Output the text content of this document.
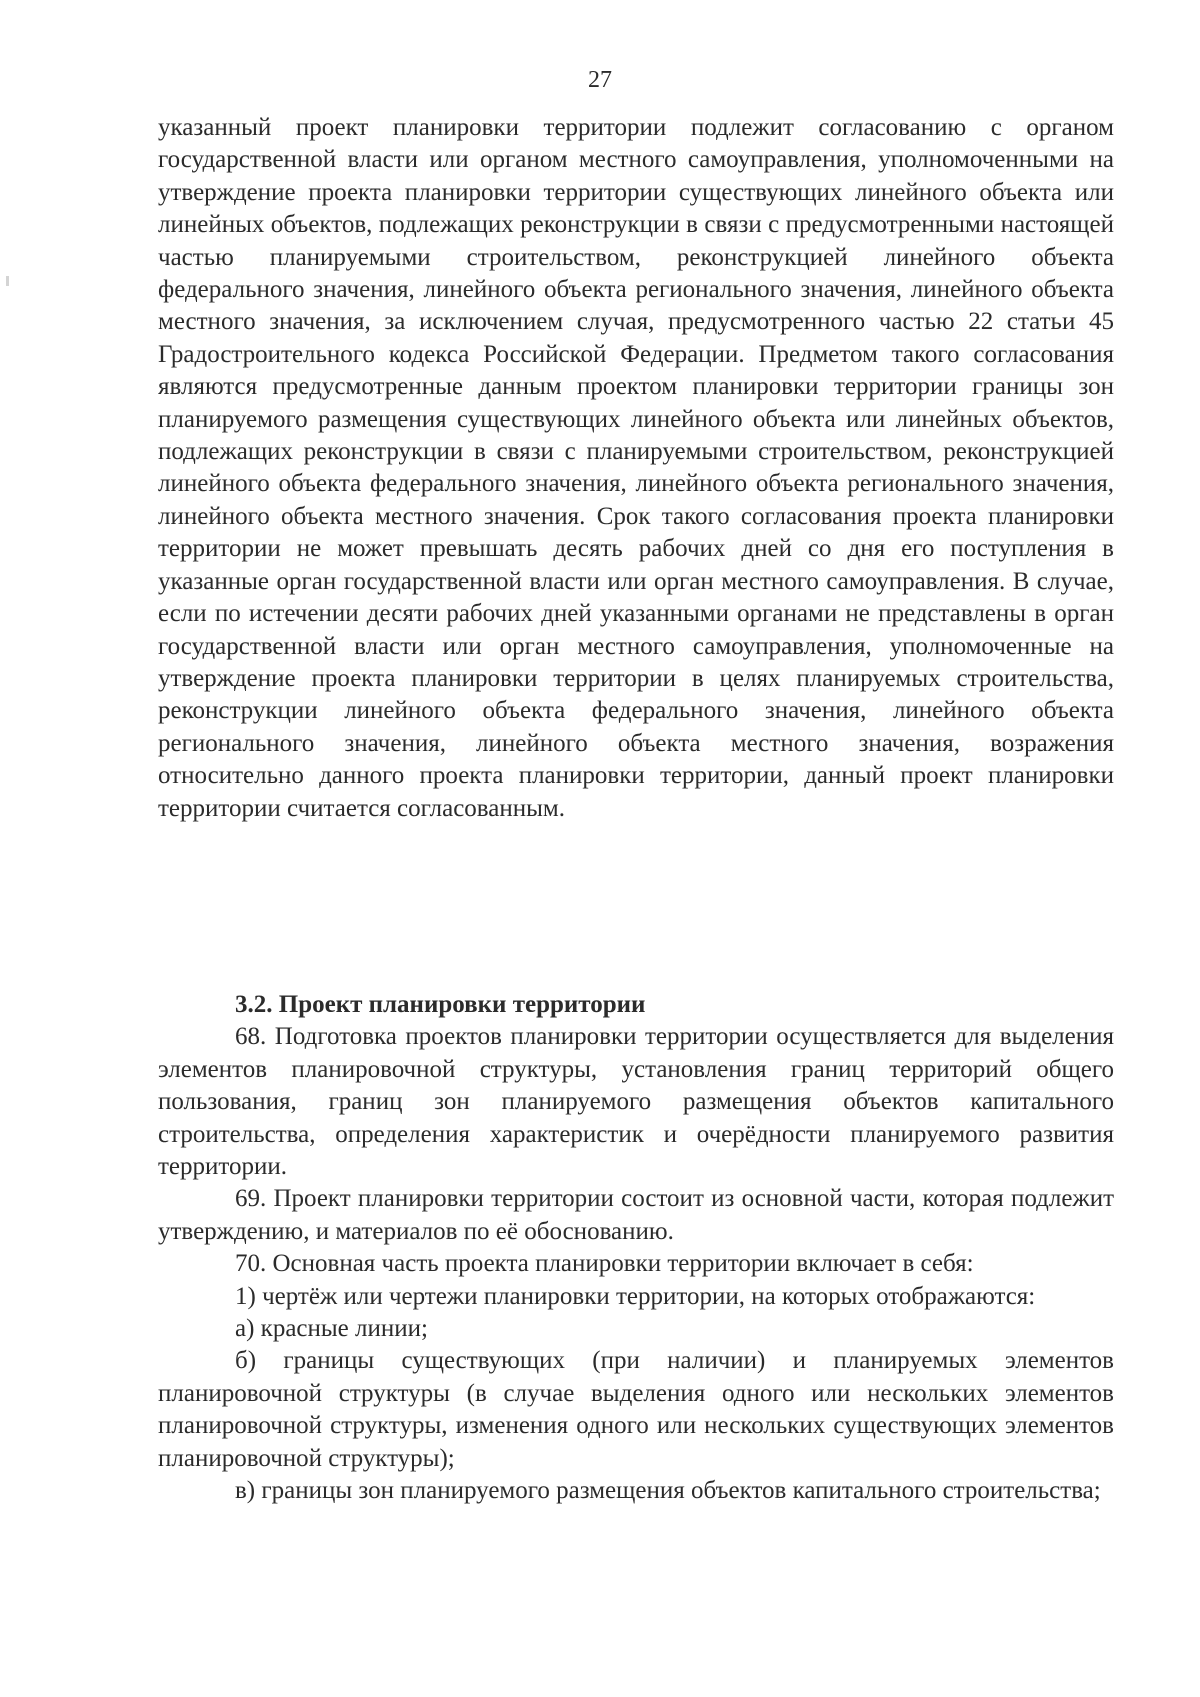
27

указанный проект планировки территории подлежит согласованию с органом государственной власти или органом местного самоуправления, уполномоченными на утверждение проекта планировки территории существующих линейного объекта или линейных объектов, подлежащих реконструкции в связи с предусмотренными настоящей частью планируемыми строительством, реконструкцией линейного объекта федерального значения, линейного объекта регионального значения, линейного объекта местного значения, за исключением случая, предусмотренного частью 22 статьи 45 Градостроительного кодекса Российской Федерации. Предметом такого согласования являются предусмотренные данным проектом планировки территории границы зон планируемого размещения существующих линейного объекта или линейных объектов, подлежащих реконструкции в связи с планируемыми строительством, реконструкцией линейного объекта федерального значения, линейного объекта регионального значения, линейного объекта местного значения. Срок такого согласования проекта планировки территории не может превышать десять рабочих дней со дня его поступления в указанные орган государственной власти или орган местного самоуправления. В случае, если по истечении десяти рабочих дней указанными органами не представлены в орган государственной власти или орган местного самоуправления, уполномоченные на утверждение проекта планировки территории в целях планируемых строительства, реконструкции линейного объекта федерального значения, линейного объекта регионального значения, линейного объекта местного значения, возражения относительно данного проекта планировки территории, данный проект планировки территории считается согласованным.

3.2. Проект планировки территории

68. Подготовка проектов планировки территории осуществляется для выделения элементов планировочной структуры, установления границ территорий общего пользования, границ зон планируемого размещения объектов капитального строительства, определения характеристик и очерёдности планируемого развития территории.

69. Проект планировки территории состоит из основной части, которая подлежит утверждению, и материалов по её обоснованию.

70. Основная часть проекта планировки территории включает в себя:

1) чертёж или чертежи планировки территории, на которых отображаются:

а) красные линии;

б) границы существующих (при наличии) и планируемых элементов планировочной структуры (в случае выделения одного или нескольких элементов планировочной структуры, изменения одного или нескольких существующих элементов планировочной структуры);

в) границы зон планируемого размещения объектов капитального строительства;
